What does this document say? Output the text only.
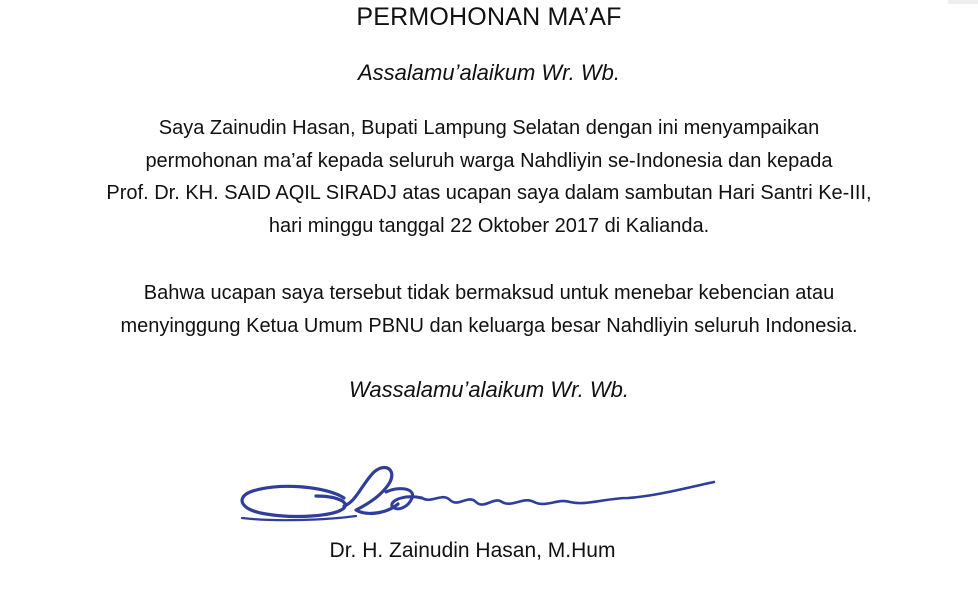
PERMOHONAN MA’AF
Assalamu’alaikum Wr. Wb.
Saya Zainudin Hasan, Bupati Lampung Selatan dengan ini menyampaikan
permohonan ma’af kepada seluruh warga Nahdliyin se-Indonesia dan kepada
Prof. Dr. KH. SAID AQIL SIRADJ atas ucapan saya dalam sambutan Hari Santri Ke-III,
hari minggu tanggal 22 Oktober 2017 di Kalianda.
Bahwa ucapan saya tersebut tidak bermaksud untuk menebar kebencian atau
menyinggung Ketua Umum PBNU dan keluarga besar Nahdliyin seluruh Indonesia.
Wassalamu’alaikum Wr. Wb.
Dr. H. Zainudin Hasan, M.Hum
